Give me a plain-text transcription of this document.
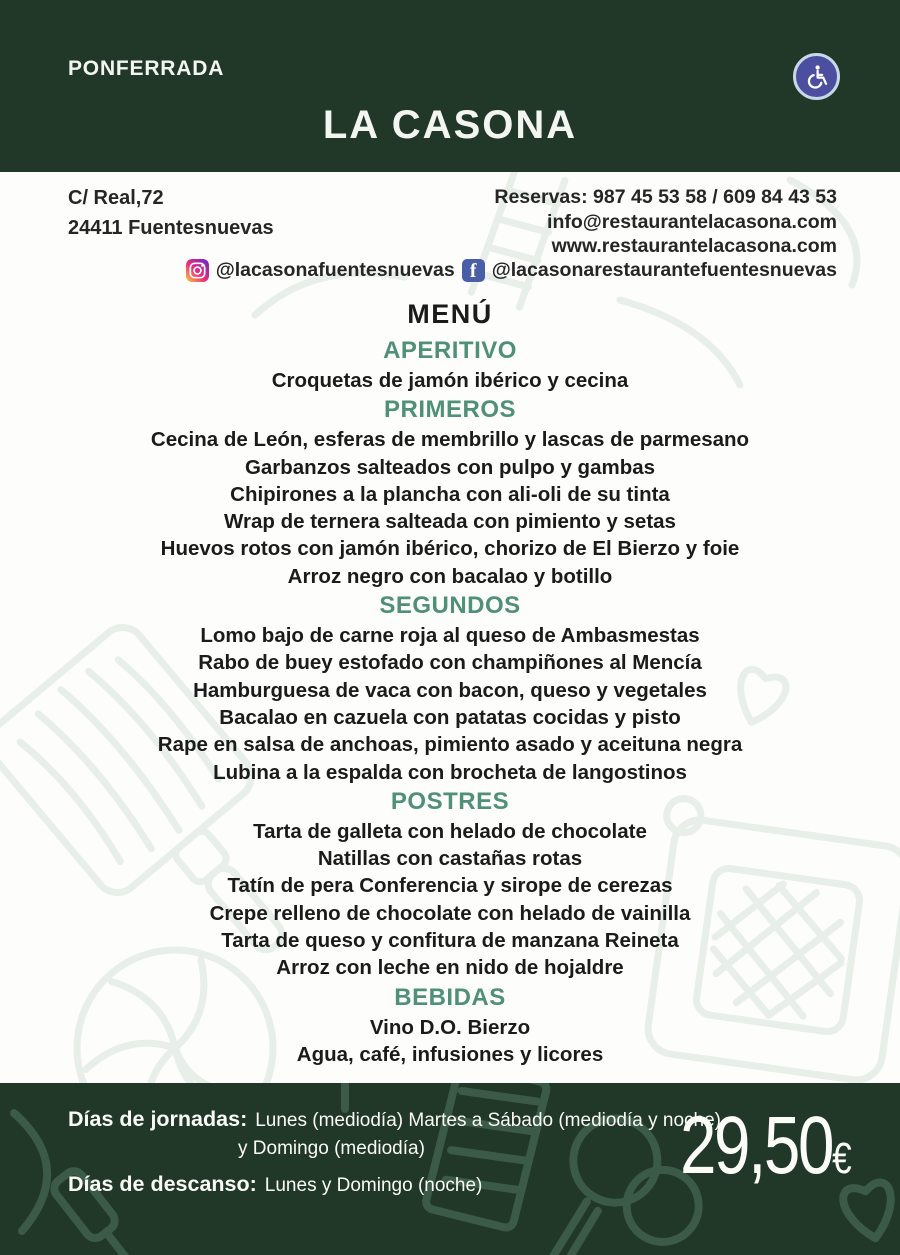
PONFERRADA
LA CASONA
C/ Real,72
24411 Fuentesnuevas
Reservas: 987 45 53 58 / 609 84 43 53
info@restaurantelacasona.com
www.restaurantelacasona.com
@lacasonafuentesnuevas f @lacasonarestaurantefuentesnuevas
MENÚ
APERITIVO
Croquetas de jamón ibérico y cecina
PRIMEROS
Cecina de León, esferas de membrillo y lascas de parmesano
Garbanzos salteados con pulpo y gambas
Chipirones a la plancha con ali-oli de su tinta
Wrap de ternera salteada con pimiento y setas
Huevos rotos con jamón ibérico, chorizo de El Bierzo y foie
Arroz negro con bacalao y botillo
SEGUNDOS
Lomo bajo de carne roja al queso de Ambasmestas
Rabo de buey estofado con champiñones al Mencía
Hamburguesa de vaca con bacon, queso y vegetales
Bacalao en cazuela con patatas cocidas y pisto
Rape en salsa de anchoas, pimiento asado y aceituna negra
Lubina a la espalda con brocheta de langostinos
POSTRES
Tarta de galleta con helado de chocolate
Natillas con castañas rotas
Tatín de pera Conferencia y sirope de cerezas
Crepe relleno de chocolate con helado de vainilla
Tarta de queso y confitura de manzana Reineta
Arroz con leche en nido de hojaldre
BEBIDAS
Vino D.O. Bierzo
Agua, café, infusiones y licores
Días de jornadas: Lunes (mediodía) Martes a Sábado (mediodía y noche)
y Domingo (mediodía)
Días de descanso: Lunes y Domingo (noche)	29,50€
